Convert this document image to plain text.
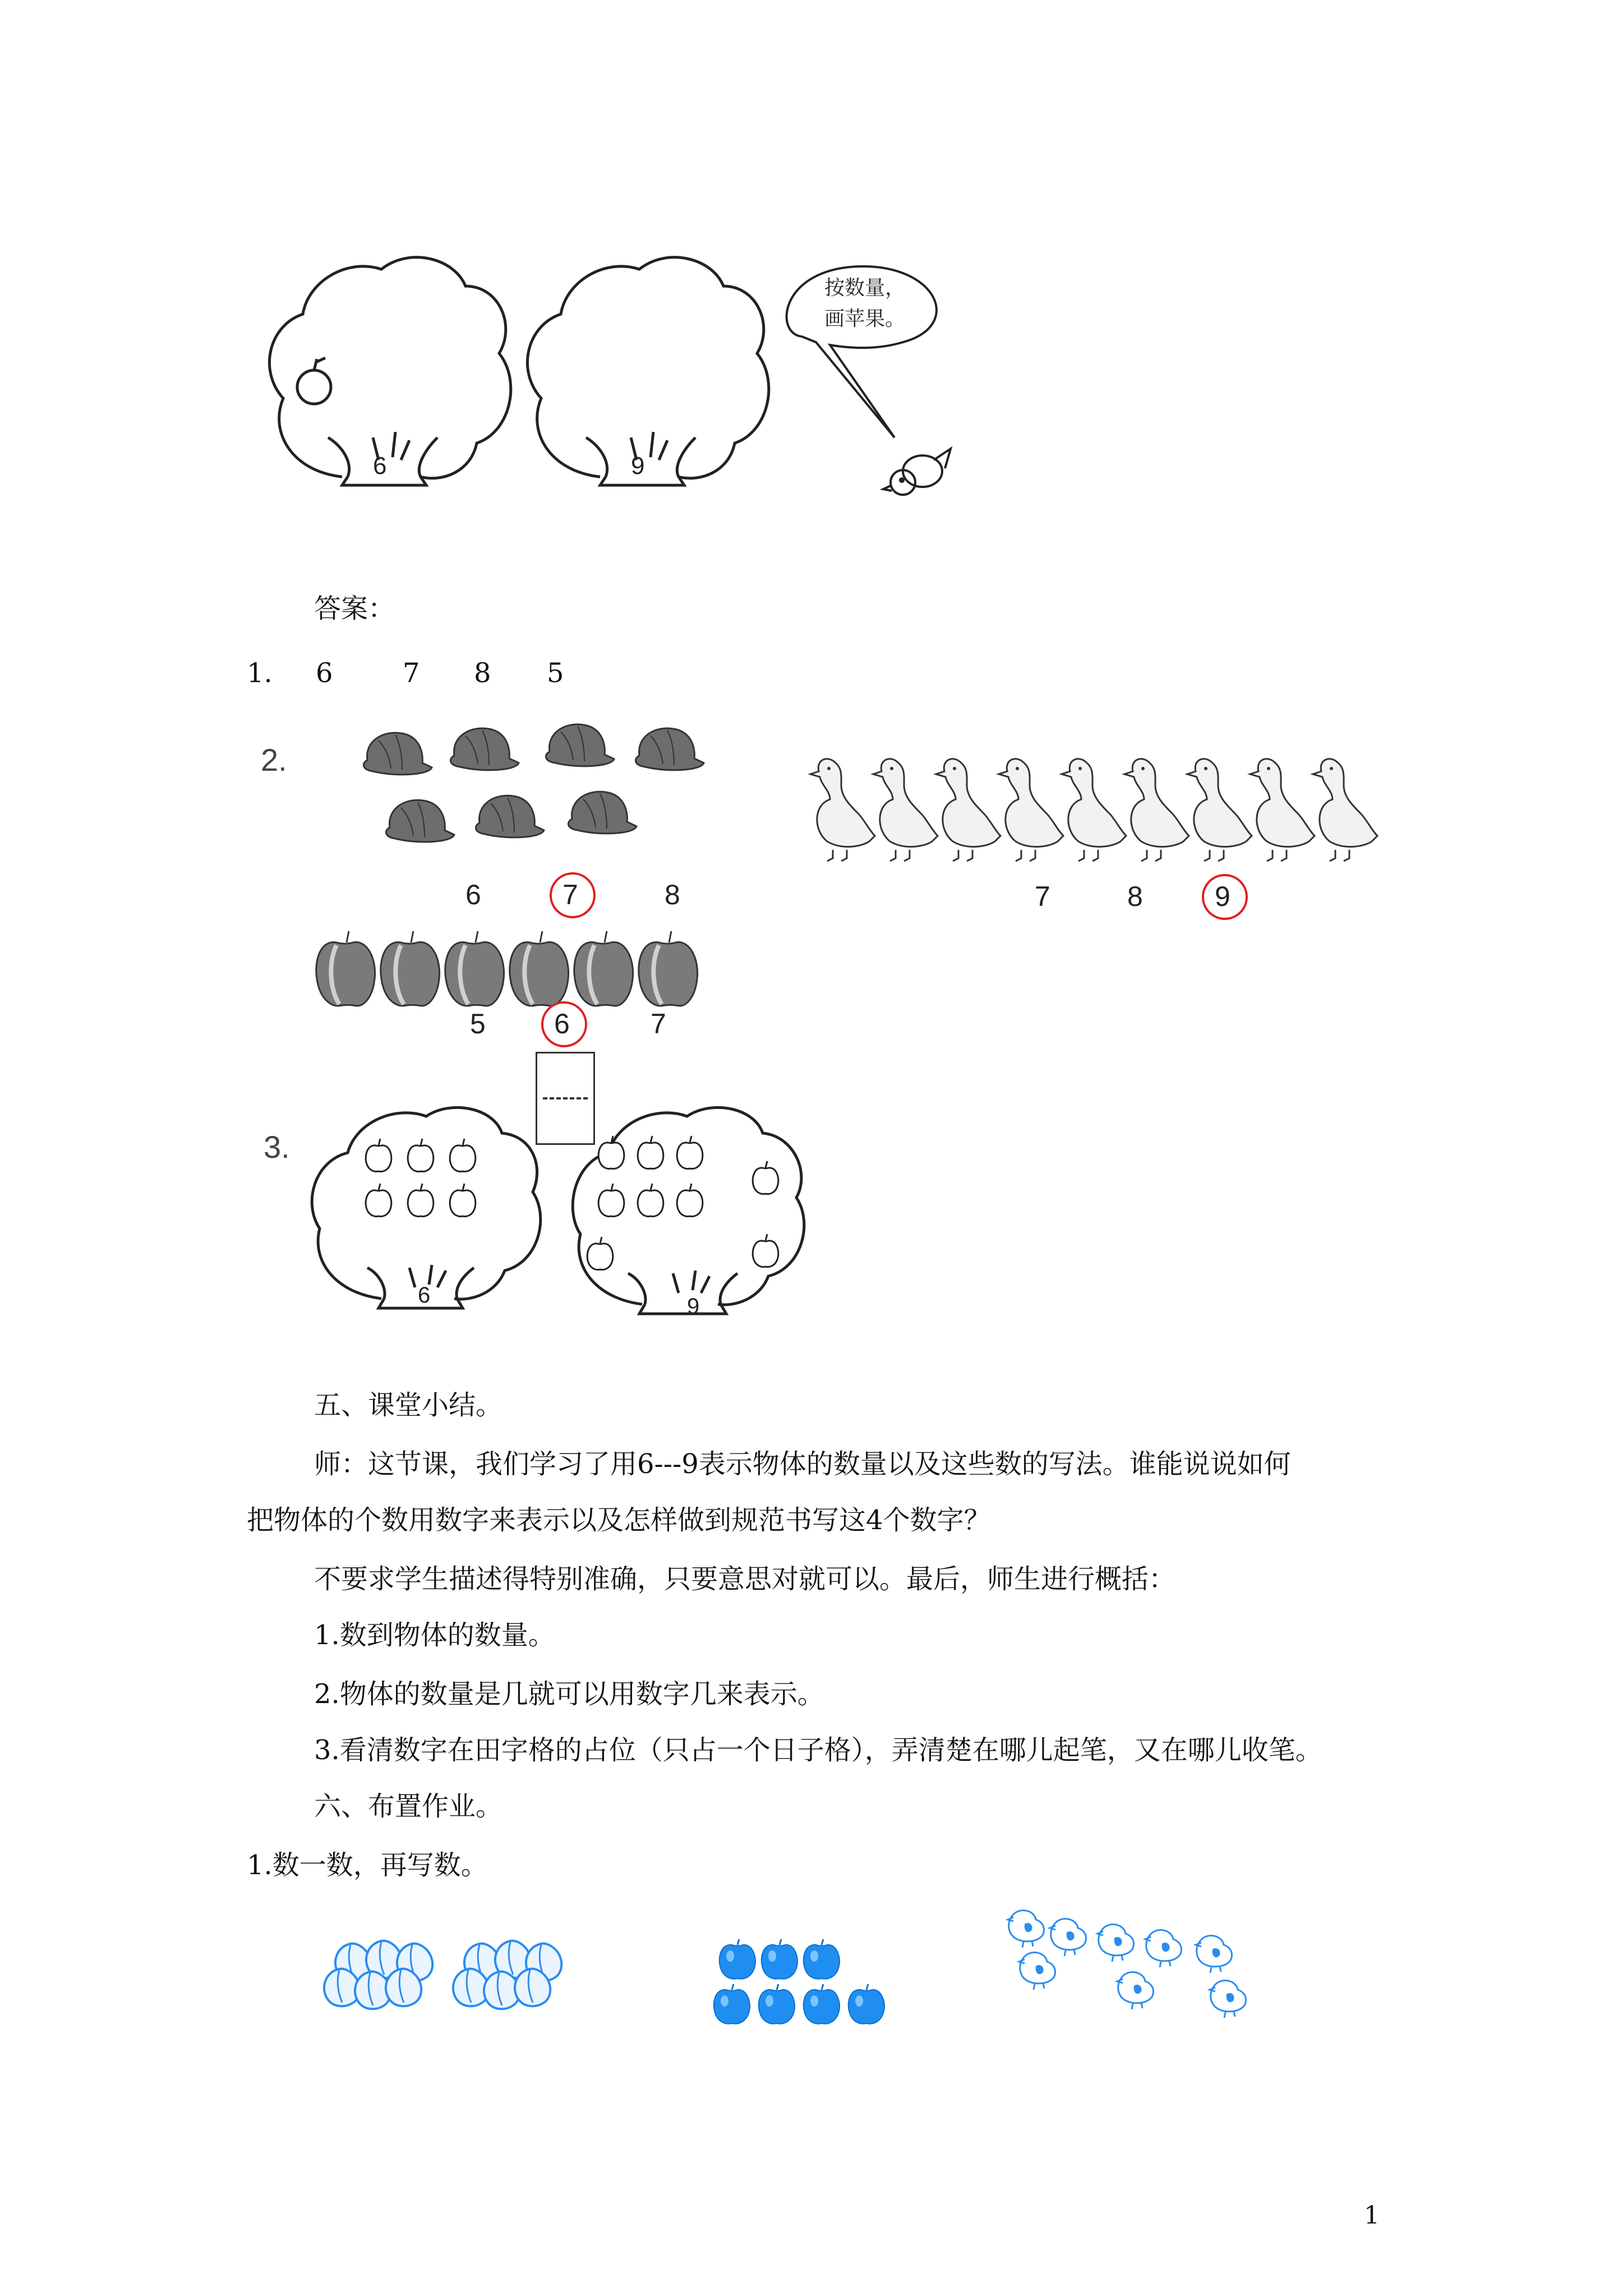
6	9
按数量，
画苹果。
答案：
1. 6	7 8 5
2.
6	7	8
5 6	7
7	8	9
3.
6	9
五、课堂小结。
师：这节课，我们学习了用6---9表示物体的数量以及这些数的写法。谁能说说如何
把物体的个数用数字来表示以及怎样做到规范书写这4个数字？
不要求学生描述得特别准确，只要意思对就可以。最后，师生进行概括：
1.数到物体的数量。
2.物体的数量是几就可以用数字几来表示。
3.看清数字在田字格的占位（只占一个日子格），弄清楚在哪儿起笔，又在哪儿收笔。
六、布置作业。
1.数一数，再写数。
1
